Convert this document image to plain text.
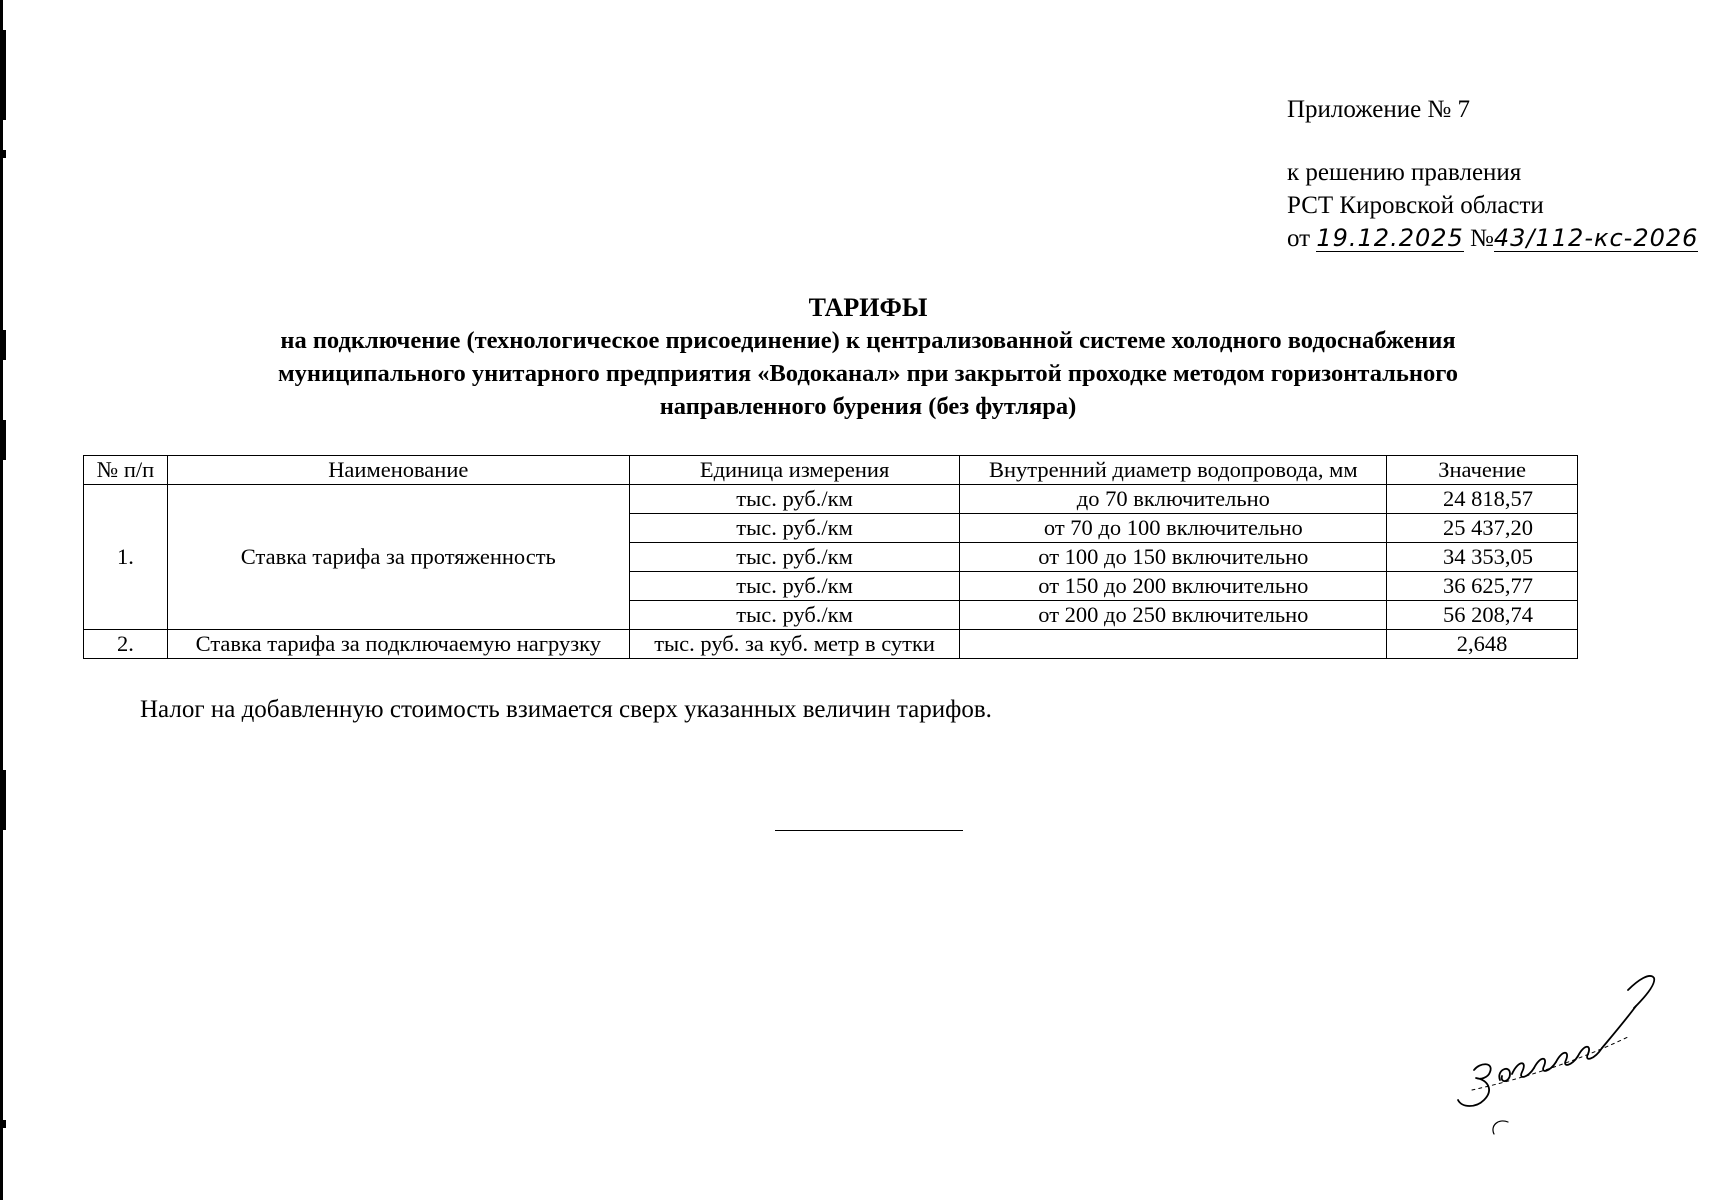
Приложение № 7
к решению правления
РСТ Кировской области
от 19.12.2025 №43/112-кс-2026
ТАРИФЫ
на подключение (технологическое присоединение) к централизованной системе холодного водоснабжения
муниципального унитарного предприятия «Водоканал» при закрытой проходке методом горизонтального
направленного бурения (без футляра)
№ п/п	Наименование	Единица измерения	Внутренний диаметр водопровода, мм	Значение
1.	Ставка тарифа за протяженность	тыс. руб./км	до 70 включительно	24 818,57
		тыс. руб./км	от 70 до 100 включительно	25 437,20
		тыс. руб./км	от 100 до 150 включительно	34 353,05
		тыс. руб./км	от 150 до 200 включительно	36 625,77
		тыс. руб./км	от 200 до 250 включительно	56 208,74
2.	Ставка тарифа за подключаемую нагрузку	тыс. руб. за куб. метр в сутки		2,648
Налог на добавленную стоимость взимается сверх указанных величин тарифов.
